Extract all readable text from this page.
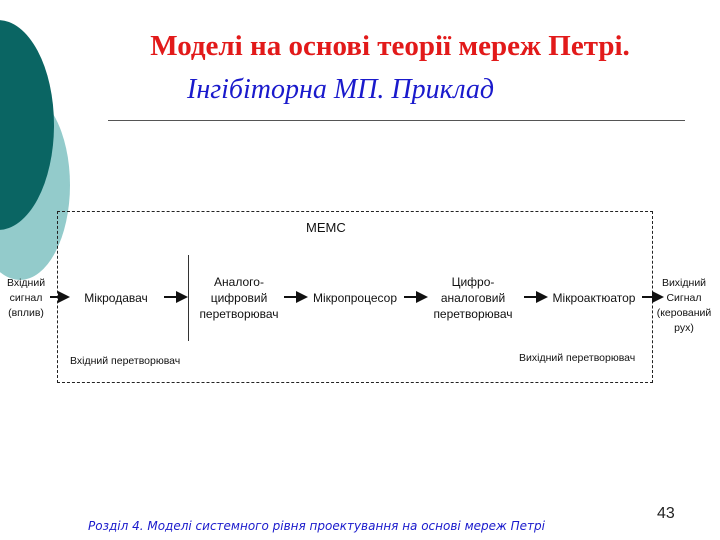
Моделі на основі теорії мереж Петрі.
Інгібіторна МП. Приклад
МЕМС
Вхідний
сигнал
(вплив)
Мікродавач
Аналого-
цифровий
перетворювач
Мікропроцесор
Цифро-
аналоговий
перетворювач
Мікроактюатор
Вихідний
Сигнал
(керований
рух)
Вхідний перетворювач	Вихідний перетворювач
Розділ 4. Моделі системного рівня проектування на основі мереж Петрі
43
